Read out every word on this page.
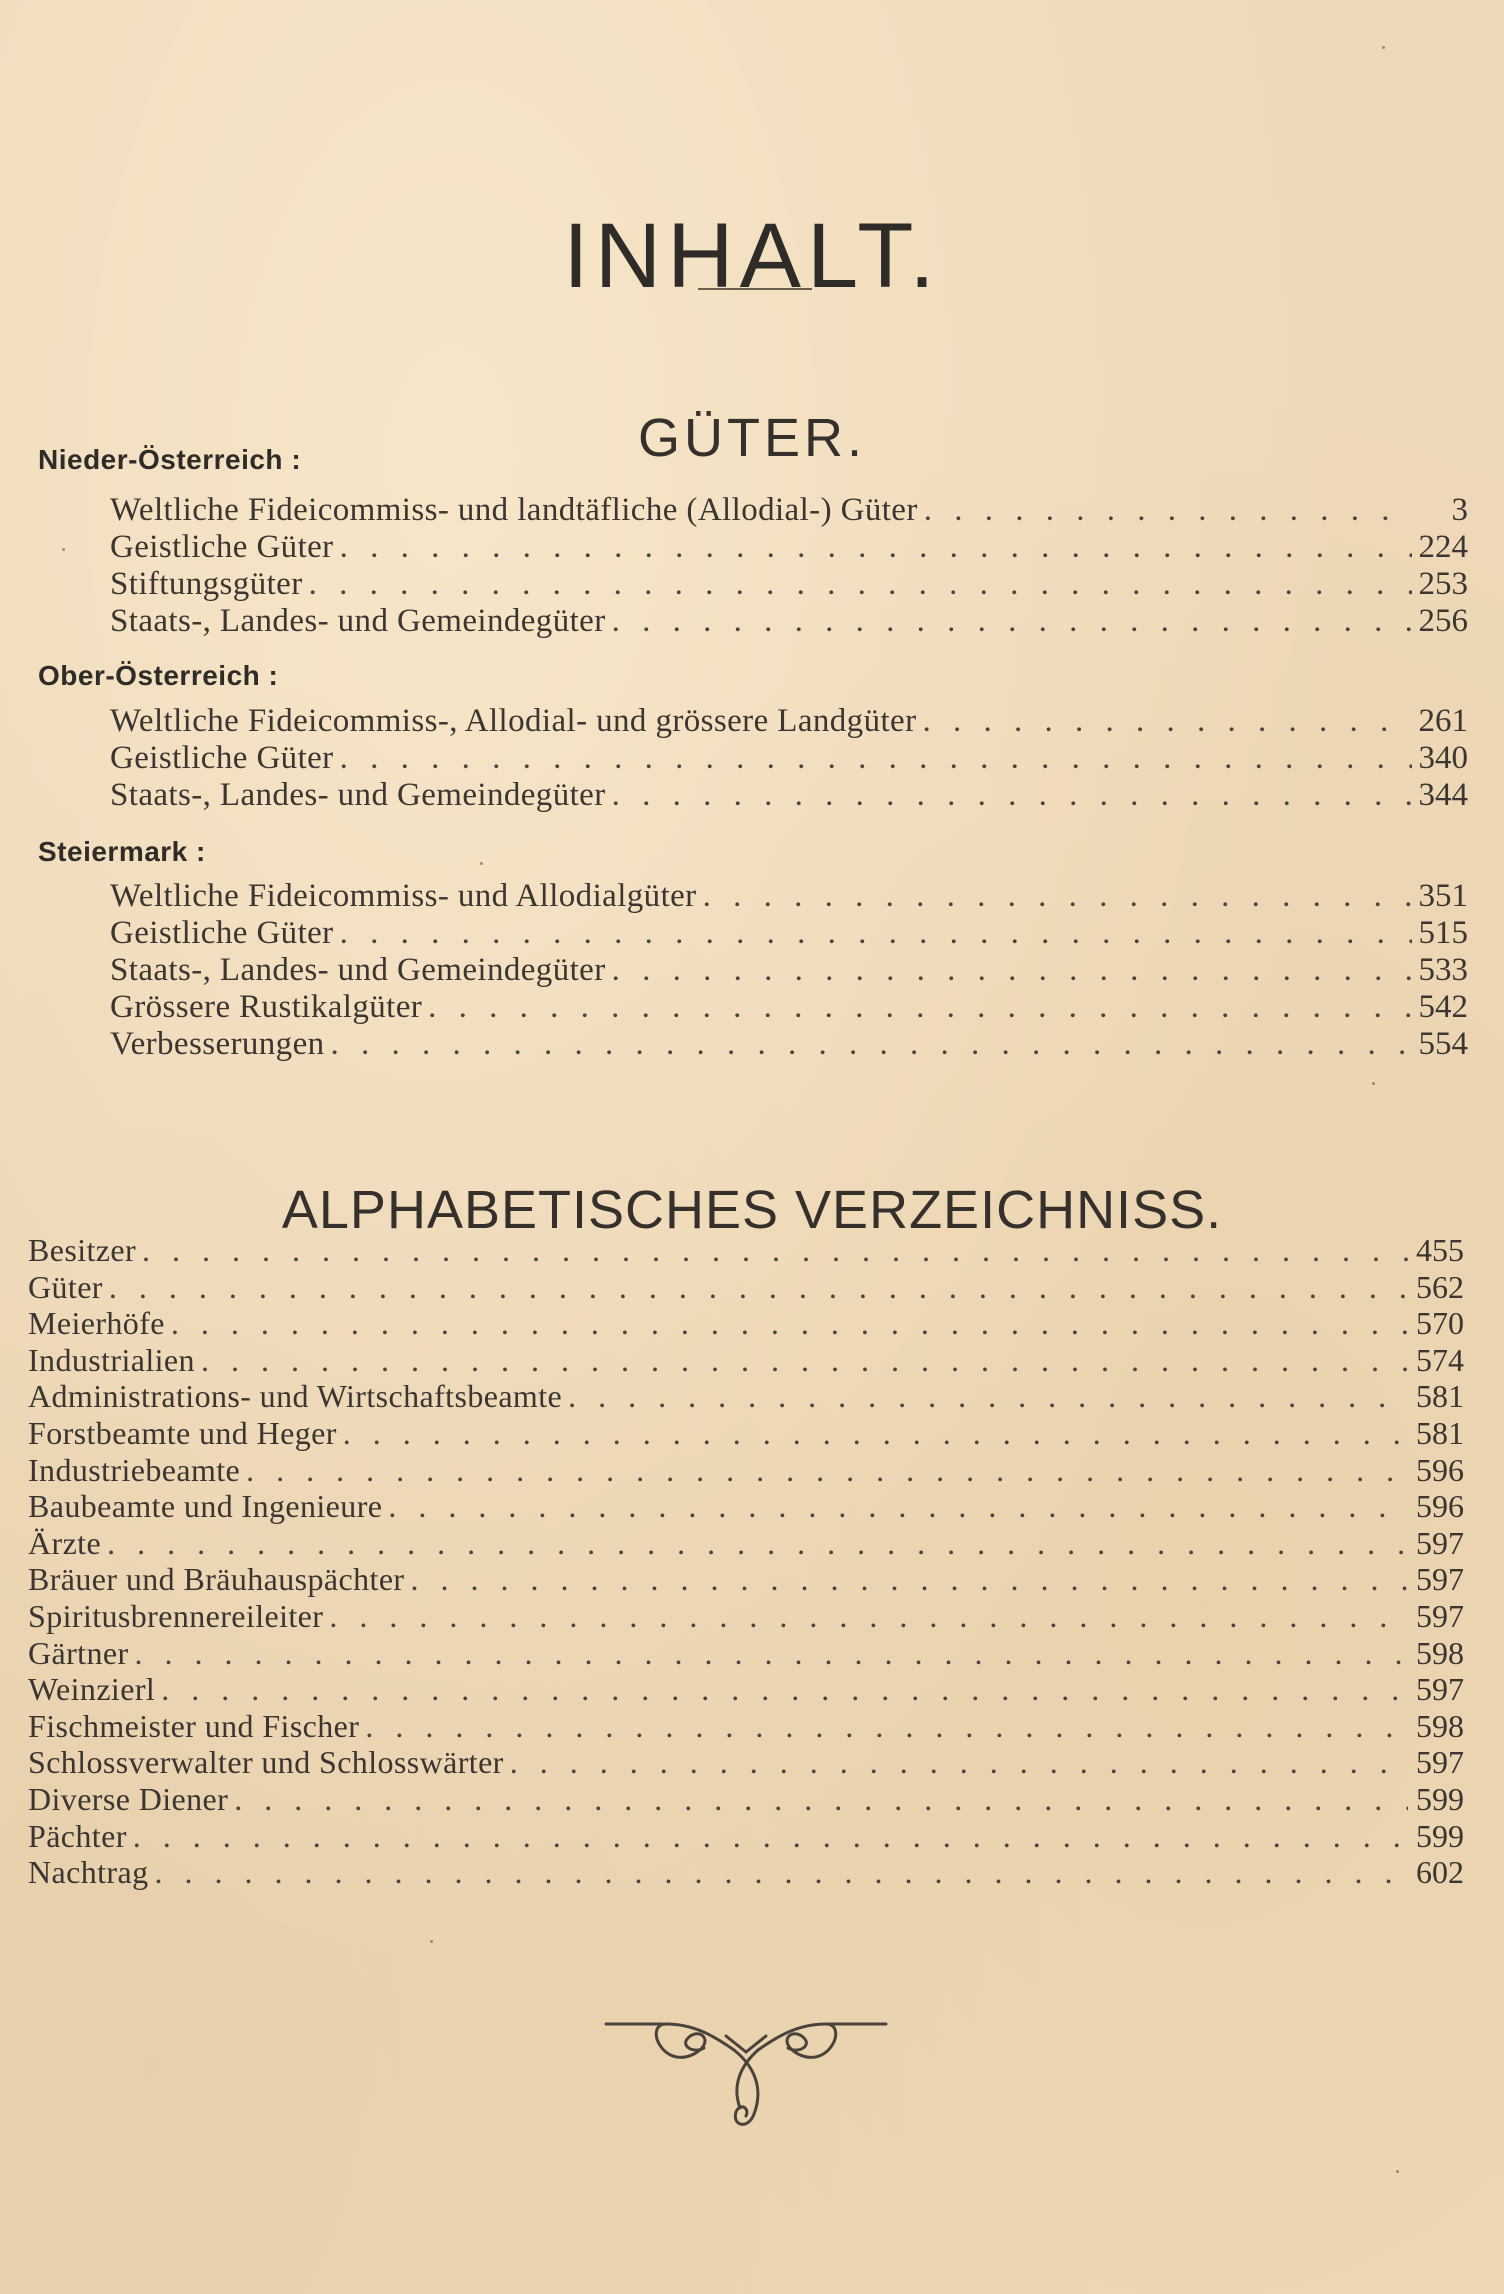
INHALT.
GÜTER.
Nieder-Österreich :
Weltliche Fideicommiss- und landtäfliche (Allodial-) Güter . . .	3
Geistliche Güter . . .	224
Stiftungsgüter . . .	253
Staats-, Landes- und Gemeindegüter . . .	256
Ober-Österreich :
Weltliche Fideicommiss-, Allodial- und grössere Landgüter . . .	261
Geistliche Güter . . .	340
Staats-, Landes- und Gemeindegüter . . .	344
Steiermark :
Weltliche Fideicommiss- und Allodialgüter . . .	351
Geistliche Güter . . .	515
Staats-, Landes- und Gemeindegüter . . .	533
Grössere Rustikalgüter . . .	542
Verbesserungen . . .	554
ALPHABETISCHES VERZEICHNISS.
Besitzer . . .	455
Güter . . .	562
Meierhöfe . . .	570
Industrialien . . .	574
Administrations- und Wirtschaftsbeamte . . .	581
Forstbeamte und Heger . . .	581
Industriebeamte . . .	596
Baubeamte und Ingenieure . . .	596
Ärzte . . .	597
Bräuer und Bräuhauspächter . . .	597
Spiritusbrennereileiter . . .	597
Gärtner . . .	598
Weinzierl . . .	597
Fischmeister und Fischer . . .	598
Schlossverwalter und Schlosswärter . . .	597
Diverse Diener . . .	599
Pächter . . .	599
Nachtrag . . .	602
